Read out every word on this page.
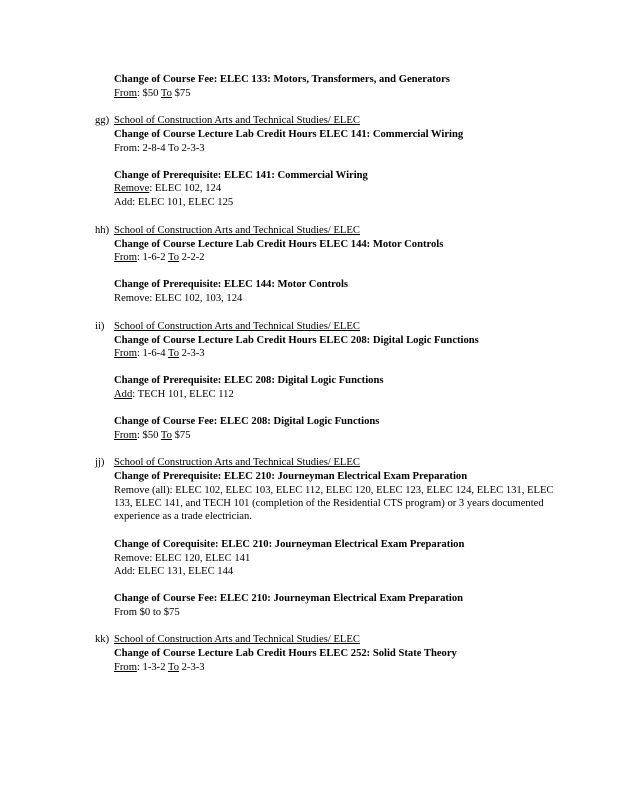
Change of Course Fee: ELEC 133: Motors, Transformers, and Generators
From: $50 To $75
gg) School of Construction Arts and Technical Studies/ ELEC
Change of Course Lecture Lab Credit Hours ELEC 141: Commercial Wiring
From: 2-8-4 To 2-3-3
Change of Prerequisite: ELEC 141: Commercial Wiring
Remove: ELEC 102, 124
Add: ELEC 101, ELEC 125
hh) School of Construction Arts and Technical Studies/ ELEC
Change of Course Lecture Lab Credit Hours ELEC 144: Motor Controls
From: 1-6-2 To 2-2-2
Change of Prerequisite: ELEC 144: Motor Controls
Remove: ELEC 102, 103, 124
ii) School of Construction Arts and Technical Studies/ ELEC
Change of Course Lecture Lab Credit Hours ELEC 208: Digital Logic Functions
From: 1-6-4 To 2-3-3
Change of Prerequisite: ELEC 208: Digital Logic Functions
Add: TECH 101, ELEC 112
Change of Course Fee: ELEC 208: Digital Logic Functions
From: $50 To $75
jj) School of Construction Arts and Technical Studies/ ELEC
Change of Prerequisite: ELEC 210: Journeyman Electrical Exam Preparation
Remove (all): ELEC 102, ELEC 103, ELEC 112, ELEC 120, ELEC 123, ELEC 124, ELEC 131, ELEC 133, ELEC 141, and TECH 101 (completion of the Residential CTS program) or 3 years documented experience as a trade electrician.
Change of Corequisite: ELEC 210: Journeyman Electrical Exam Preparation
Remove: ELEC 120, ELEC 141
Add: ELEC 131, ELEC 144
Change of Course Fee: ELEC 210: Journeyman Electrical Exam Preparation
From $0 to $75
kk) School of Construction Arts and Technical Studies/ ELEC
Change of Course Lecture Lab Credit Hours ELEC 252: Solid State Theory
From: 1-3-2 To 2-3-3
